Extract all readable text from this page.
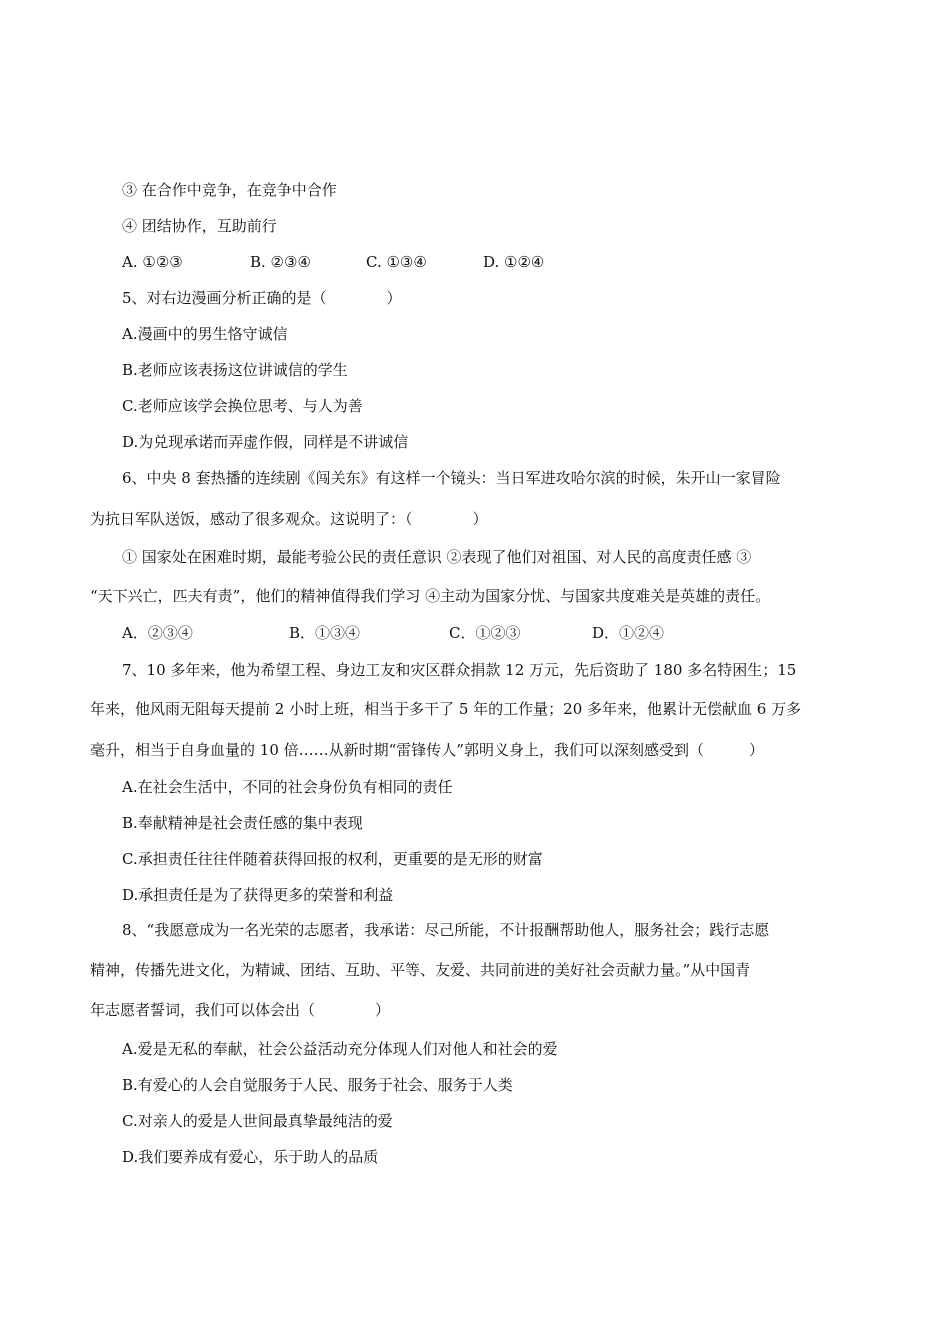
③ 在合作中竞争，在竞争中合作
④ 团结协作，互助前行
A. ①②③	B. ②③④	C. ①③④	D. ①②④
5、对右边漫画分析正确的是（　　　　）
A.漫画中的男生恪守诚信
B.老师应该表扬这位讲诚信的学生
C.老师应该学会换位思考、与人为善
D.为兑现承诺而弄虚作假，同样是不讲诚信
6、中央 8 套热播的连续剧《闯关东》有这样一个镜头：当日军进攻哈尔滨的时候，朱开山一家冒险
为抗日军队送饭，感动了很多观众。这说明了：（　　　　）
① 国家处在困难时期，最能考验公民的责任意识 ②表现了他们对祖国、对人民的高度责任感 ③
“天下兴亡，匹夫有责”，他们的精神值得我们学习 ④主动为国家分忧、与国家共度难关是英雄的责任。
A．②③④	B．①③④	C．①②③	D．①②④
7、10 多年来，他为希望工程、身边工友和灾区群众捐款 12 万元，先后资助了 180 多名特困生；15
年来，他风雨无阻每天提前 2 小时上班，相当于多干了 5 年的工作量；20 多年来，他累计无偿献血 6 万多
毫升，相当于自身血量的 10 倍……从新时期“雷锋传人”郭明义身上，我们可以深刻感受到（　　　）
A.在社会生活中，不同的社会身份负有相同的责任
B.奉献精神是社会责任感的集中表现
C.承担责任往往伴随着获得回报的权利，更重要的是无形的财富
D.承担责任是为了获得更多的荣誉和利益
8、“我愿意成为一名光荣的志愿者，我承诺：尽己所能，不计报酬帮助他人，服务社会；践行志愿
精神，传播先进文化，为精诚、团结、互助、平等、友爱、共同前进的美好社会贡献力量。”从中国青
年志愿者誓词，我们可以体会出（　　　　）
A.爱是无私的奉献，社会公益活动充分体现人们对他人和社会的爱
B.有爱心的人会自觉服务于人民、服务于社会、服务于人类
C.对亲人的爱是人世间最真挚最纯洁的爱
D.我们要养成有爱心，乐于助人的品质
